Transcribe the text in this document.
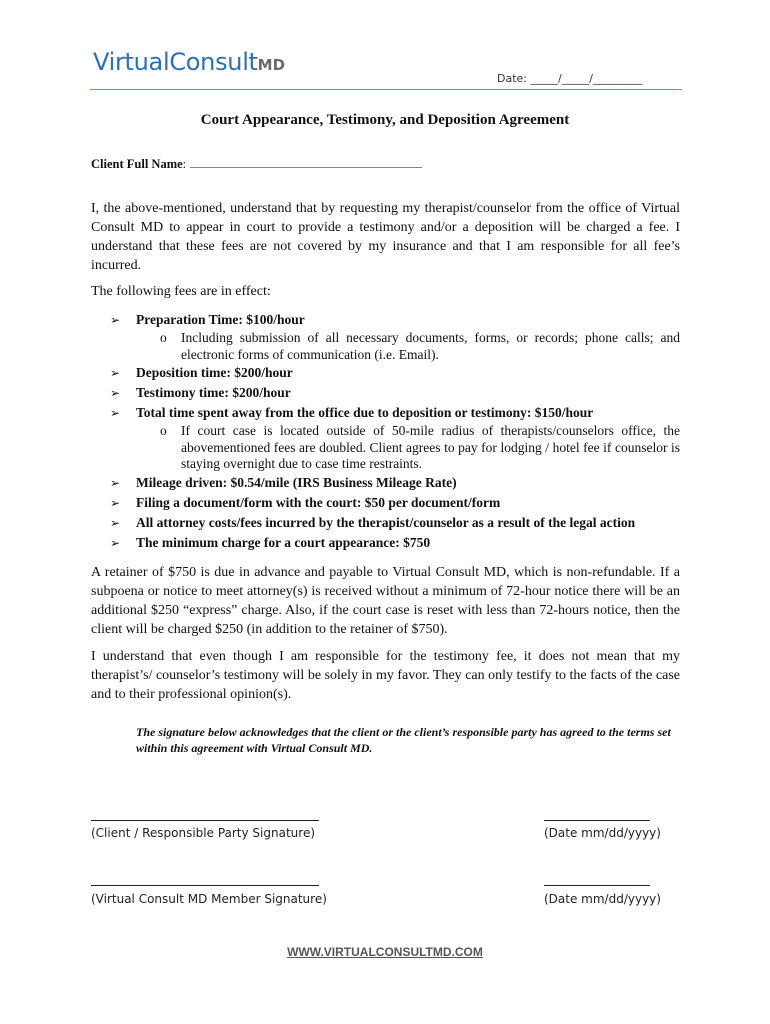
VirtualConsultMD
Date: _____/_____/_________
Court Appearance, Testimony, and Deposition Agreement
Client Full Name:
I, the above-mentioned, understand that by requesting my therapist/counselor from the office of Virtual Consult MD to appear in court to provide a testimony and/or a deposition will be charged a fee. I understand that these fees are not covered by my insurance and that I am responsible for all fee’s incurred.
The following fees are in effect:
➢ Preparation Time: $100/hour
o Including submission of all necessary documents, forms, or records; phone calls; and electronic forms of communication (i.e. Email).
➢ Deposition time: $200/hour
➢ Testimony time: $200/hour
➢ Total time spent away from the office due to deposition or testimony: $150/hour
o If court case is located outside of 50-mile radius of therapists/counselors office, the abovementioned fees are doubled. Client agrees to pay for lodging / hotel fee if counselor is staying overnight due to case time restraints.
➢ Mileage driven: $0.54/mile (IRS Business Mileage Rate)
➢ Filing a document/form with the court: $50 per document/form
➢ All attorney costs/fees incurred by the therapist/counselor as a result of the legal action
➢ The minimum charge for a court appearance: $750
A retainer of $750 is due in advance and payable to Virtual Consult MD, which is non-refundable. If a subpoena or notice to meet attorney(s) is received without a minimum of 72-hour notice there will be an additional $250 “express” charge. Also, if the court case is reset with less than 72-hours notice, then the client will be charged $250 (in addition to the retainer of $750).
I understand that even though I am responsible for the testimony fee, it does not mean that my therapist’s/ counselor’s testimony will be solely in my favor. They can only testify to the facts of the case and to their professional opinion(s).
The signature below acknowledges that the client or the client’s responsible party has agreed to the terms set within this agreement with Virtual Consult MD.
(Client / Responsible Party Signature)	(Date mm/dd/yyyy)
(Virtual Consult MD Member Signature)	(Date mm/dd/yyyy)
WWW.VIRTUALCONSULTMD.COM
